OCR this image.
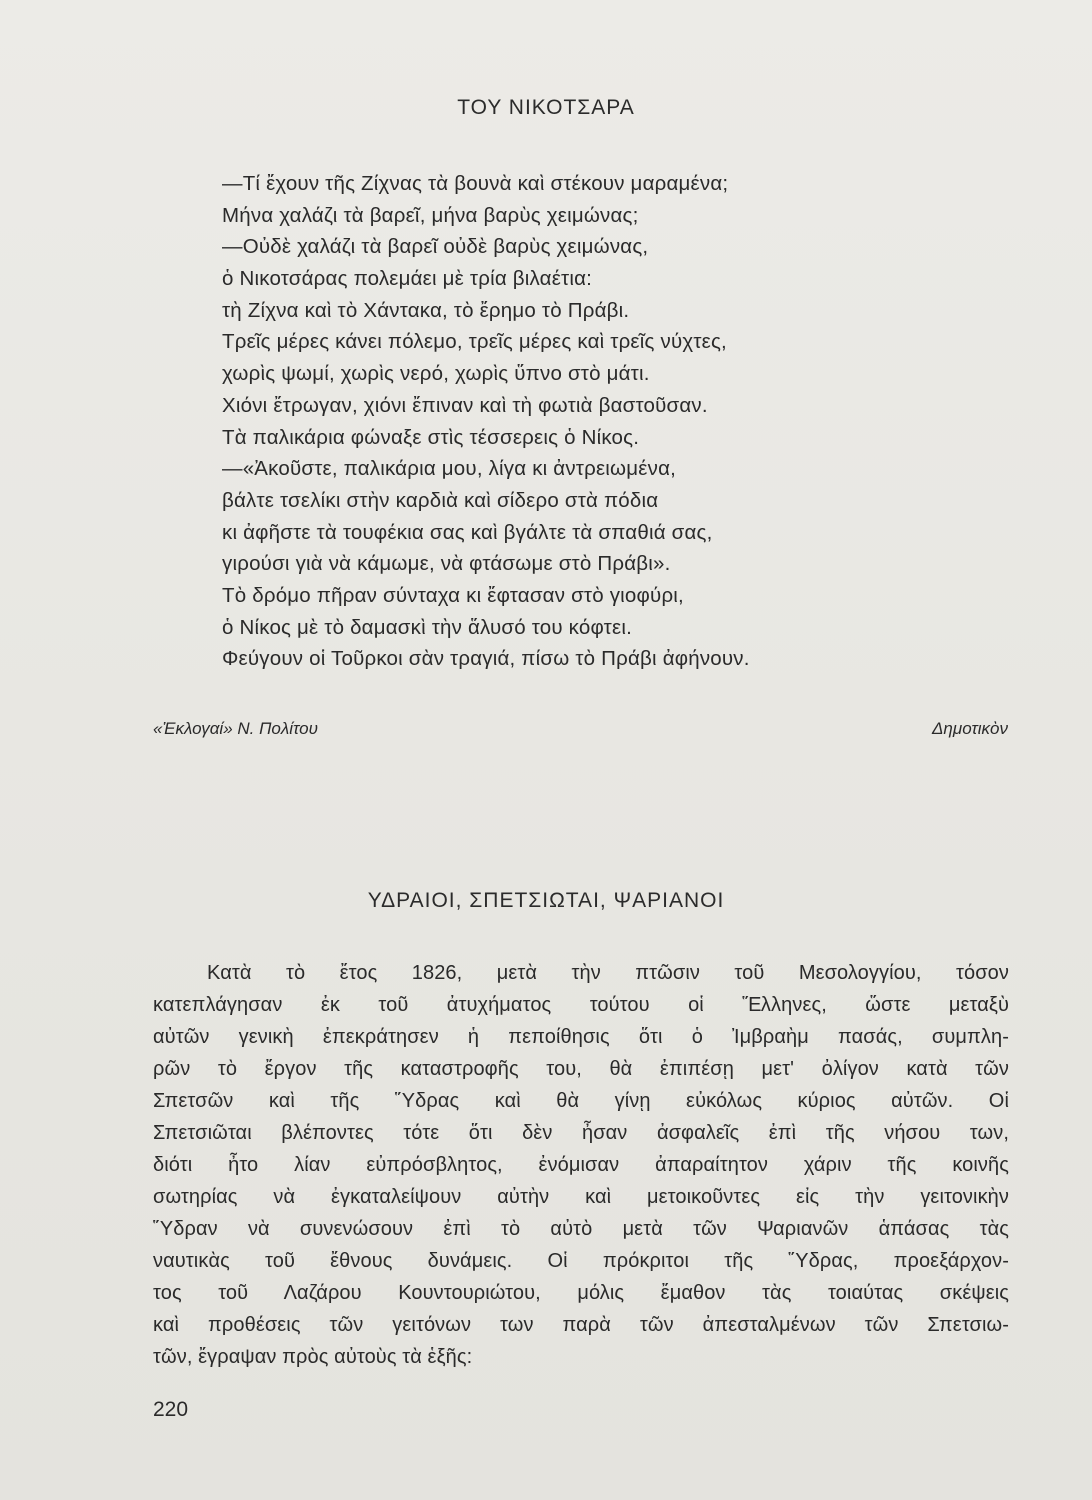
ΤΟΥ ΝΙΚΟΤΣΑΡΑ
—Τί ἔχουν τῆς Ζίχνας τὰ βουνὰ καὶ στέκουν μαραμένα;
Μήνα χαλάζι τὰ βαρεῖ, μήνα βαρὺς χειμώνας;
—Οὐδὲ χαλάζι τὰ βαρεῖ οὐδὲ βαρὺς χειμώνας,
ὁ Νικοτσάρας πολεμάει μὲ τρία βιλαέτια:
τὴ Ζίχνα καὶ τὸ Χάντακα, τὸ ἔρημο τὸ Πράβι.
Τρεῖς μέρες κάνει πόλεμο, τρεῖς μέρες καὶ τρεῖς νύχτες,
χωρὶς ψωμί, χωρὶς νερό, χωρὶς ὕπνο στὸ μάτι.
Χιόνι ἔτρωγαν, χιόνι ἔπιναν καὶ τὴ φωτιὰ βαστοῦσαν.
Τὰ παλικάρια φώναξε στὶς τέσσερεις ὁ Νίκος.
—«Ἀκοῦστε, παλικάρια μου, λίγα κι ἀντρειωμένα,
βάλτε τσελίκι στὴν καρδιὰ καὶ σίδερο στὰ πόδια
κι ἀφῆστε τὰ τουφέκια σας καὶ βγάλτε τὰ σπαθιά σας,
γιρούσι γιὰ νὰ κάμωμε, νὰ φτάσωμε στὸ Πράβι».
Τὸ δρόμο πῆραν σύνταχα κι ἔφτασαν στὸ γιοφύρι,
ὁ Νίκος μὲ τὸ δαμασκὶ τὴν ἅλυσό του κόφτει.
Φεύγουν οἱ Τοῦρκοι σὰν τραγιά, πίσω τὸ Πράβι ἀφήνουν.
«Ἐκλογαί» Ν. Πολίτου	Δημοτικὸν
ΥΔΡΑΙΟΙ, ΣΠΕΤΣΙΩΤΑΙ, ΨΑΡΙΑΝΟΙ
Κατὰ τὸ ἔτος 1826, μετὰ τὴν πτῶσιν τοῦ Μεσολογγίου, τόσον
κατεπλάγησαν ἐκ τοῦ ἀτυχήματος τούτου οἱ Ἕλληνες, ὥστε μεταξὺ
αὐτῶν γενικὴ ἐπεκράτησεν ἡ πεποίθησις ὅτι ὁ Ἰμβραὴμ πασάς, συμπλη-
ρῶν τὸ ἔργον τῆς καταστροφῆς του, θὰ ἐπιπέσῃ μετ' ὀλίγον κατὰ τῶν
Σπετσῶν καὶ τῆς Ὕδρας καὶ θὰ γίνῃ εὐκόλως κύριος αὐτῶν. Οἱ
Σπετσιῶται βλέποντες τότε ὅτι δὲν ἦσαν ἀσφαλεῖς ἐπὶ τῆς νήσου των,
διότι ἦτο λίαν εὐπρόσβλητος, ἐνόμισαν ἀπαραίτητον χάριν τῆς κοινῆς
σωτηρίας νὰ ἐγκαταλείψουν αὐτὴν καὶ μετοικοῦντες εἰς τὴν γειτονικὴν
Ὕδραν νὰ συνενώσουν ἐπὶ τὸ αὐτὸ μετὰ τῶν Ψαριανῶν ἁπάσας τὰς
ναυτικὰς τοῦ ἔθνους δυνάμεις. Οἱ πρόκριτοι τῆς Ὕδρας, προεξάρχον-
τος τοῦ Λαζάρου Κουντουριώτου, μόλις ἔμαθον τὰς τοιαύτας σκέψεις
καὶ προθέσεις τῶν γειτόνων των παρὰ τῶν ἀπεσταλμένων τῶν Σπετσιω-
τῶν, ἔγραψαν πρὸς αὐτοὺς τὰ ἑξῆς:
220
